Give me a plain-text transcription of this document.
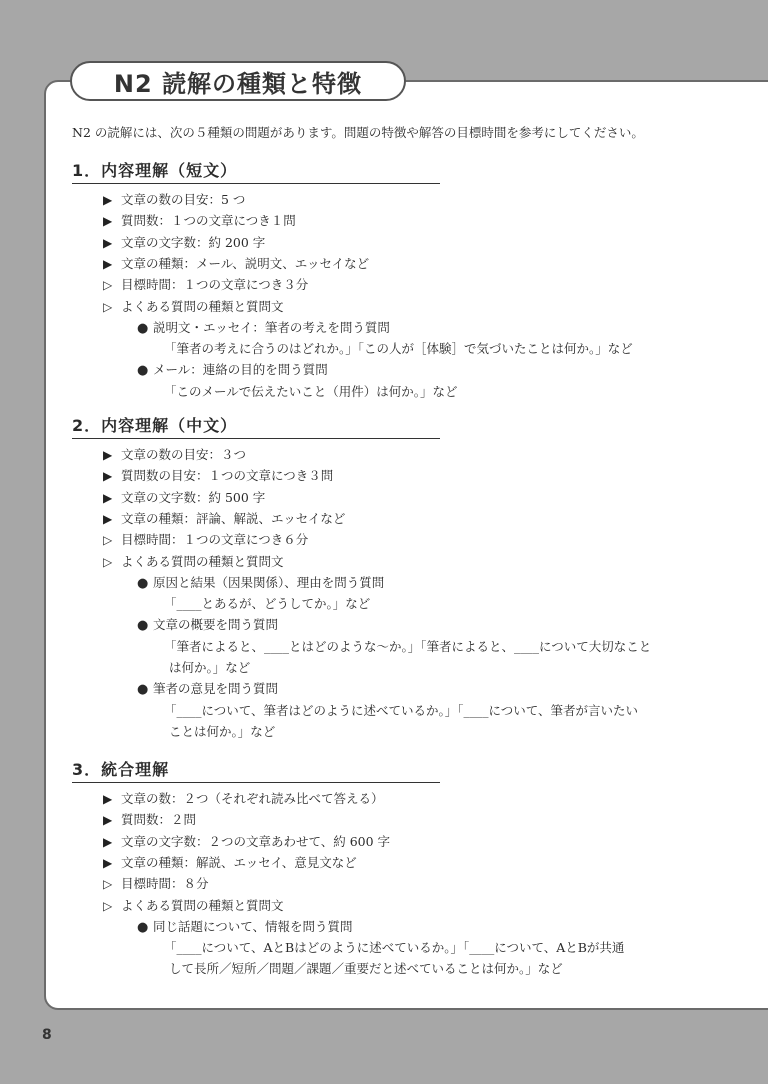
N2 読解の種類と特徴
N2 の読解には、次の５種類の問題があります。問題の特徴や解答の目標時間を参考にしてください。
1．内容理解（短文）
▶ 文章の数の目安：5 つ
▶ 質問数：１つの文章につき１問
▶ 文章の文字数：約 200 字
▶ 文章の種類：メール、説明文、エッセイなど
▷ 目標時間：１つの文章につき３分
▷ よくある質問の種類と質問文
● 説明文・エッセイ：筆者の考えを問う質問
「筆者の考えに合うのはどれか。」「この人が［体験］で気づいたことは何か。」など
● メール：連絡の目的を問う質問
「このメールで伝えたいこと（用件）は何か。」など
2．内容理解（中文）
▶ 文章の数の目安：３つ
▶ 質問数の目安：１つの文章につき３問
▶ 文章の文字数：約 500 字
▶ 文章の種類：評論、解説、エッセイなど
▷ 目標時間：１つの文章につき６分
▷ よくある質問の種類と質問文
● 原因と結果（因果関係）、理由を問う質問
「____とあるが、どうしてか。」など
● 文章の概要を問う質問
「筆者によると、____とはどのような～か。」「筆者によると、____について大切なこと
は何か。」など
● 筆者の意見を問う質問
「____について、筆者はどのように述べているか。」「____について、筆者が言いたい
ことは何か。」など
3．統合理解
▶ 文章の数：２つ（それぞれ読み比べて答える）
▶ 質問数：２問
▶ 文章の文字数：２つの文章あわせて、約 600 字
▶ 文章の種類：解説、エッセイ、意見文など
▷ 目標時間：８分
▷ よくある質問の種類と質問文
● 同じ話題について、情報を問う質問
「____について、AとBはどのように述べているか。」「____について、AとBが共通
して長所／短所／問題／課題／重要だと述べていることは何か。」など
8
